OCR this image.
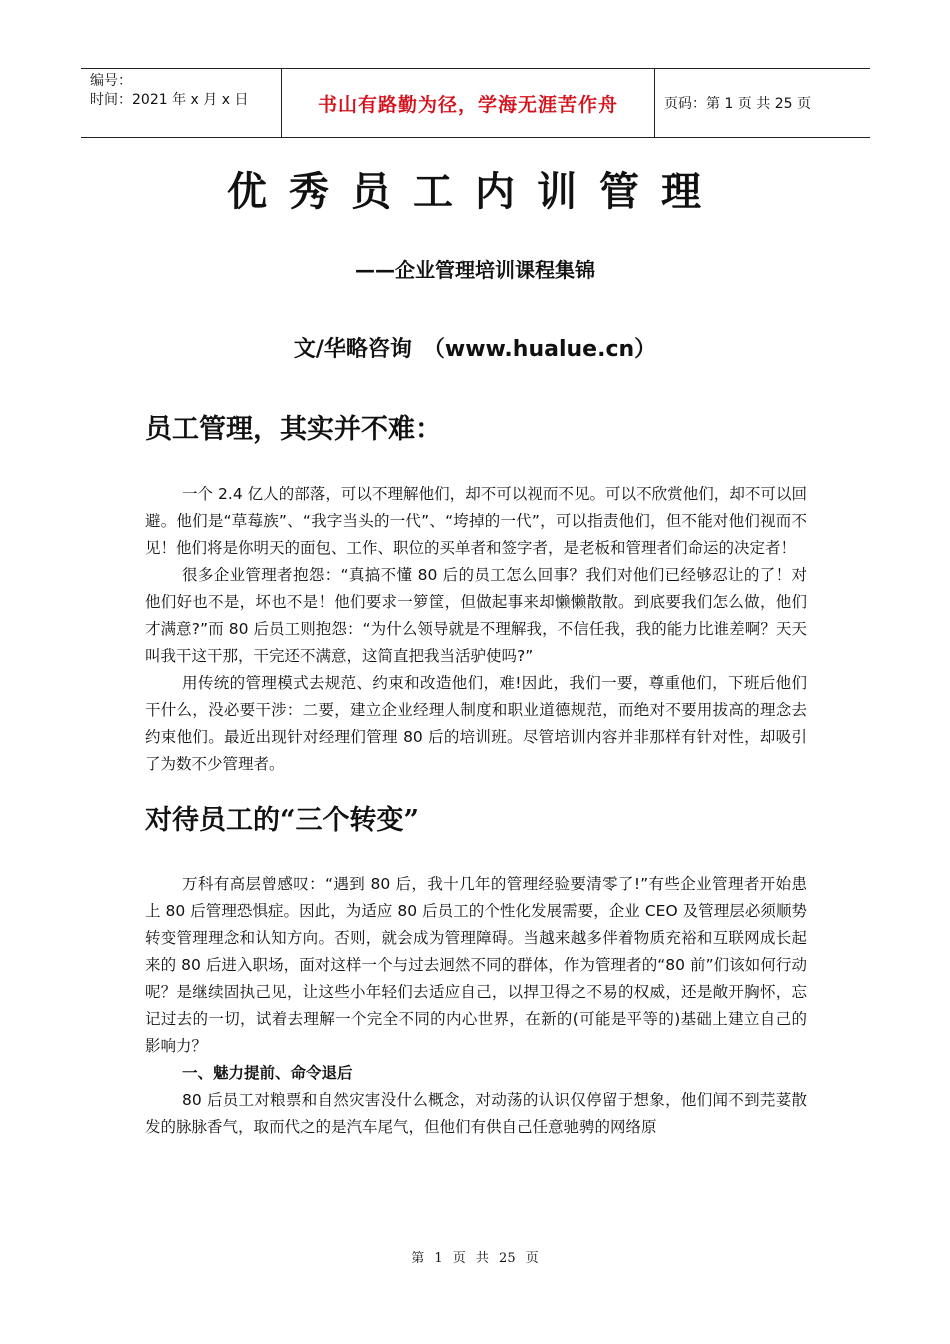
编号：
时间：2021 年 x 月 x 日	书山有路勤为径，学海无涯苦作舟	页码：第 1 页 共 25 页
优秀员工内训管理
——企业管理培训课程集锦
文/华略咨询　（www.hualue.cn）
员工管理，其实并不难：

一个 2.4 亿人的部落，可以不理解他们，却不可以视而不见。可以不欣赏他们，却不可以回避。他们是“草莓族”、“我字当头的一代”、“垮掉的一代”，可以指责他们，但不能对他们视而不见！他们将是你明天的面包、工作、职位的买单者和签字者，是老板和管理者们命运的决定者！

很多企业管理者抱怨：“真搞不懂 80 后的员工怎么回事？我们对他们已经够忍让的了！对他们好也不是，坏也不是！他们要求一箩筐，但做起事来却懒懒散散。到底要我们怎么做，他们才满意?”而 80 后员工则抱怨：“为什么领导就是不理解我，不信任我，我的能力比谁差啊？天天叫我干这干那，干完还不满意，这简直把我当活驴使吗?”

用传统的管理模式去规范、约束和改造他们，难!因此，我们一要，尊重他们，下班后他们干什么，没必要干涉：二要，建立企业经理人制度和职业道德规范，而绝对不要用拔高的理念去约束他们。最近出现针对经理们管理 80 后的培训班。尽管培训内容并非那样有针对性，却吸引了为数不少管理者。

对待员工的“三个转变”

万科有高层曾感叹：“遇到 80 后，我十几年的管理经验要清零了!”有些企业管理者开始患上 80 后管理恐惧症。因此，为适应 80 后员工的个性化发展需要，企业 CEO 及管理层必须顺势转变管理理念和认知方向。否则，就会成为管理障碍。当越来越多伴着物质充裕和互联网成长起来的 80 后进入职场，面对这样一个与过去迥然不同的群体，作为管理者的“80 前”们该如何行动呢？是继续固执己见，让这些小年轻们去适应自己，以捍卫得之不易的权威，还是敞开胸怀，忘记过去的一切，试着去理解一个完全不同的内心世界，在新的(可能是平等的)基础上建立自己的影响力？

一、魅力提前、命令退后

80 后员工对粮票和自然灾害没什么概念，对动荡的认识仅停留于想象，他们闻不到芫荽散发的脉脉香气，取而代之的是汽车尾气，但他们有供自己任意驰骋的网络原

第 1 页 共 25 页
